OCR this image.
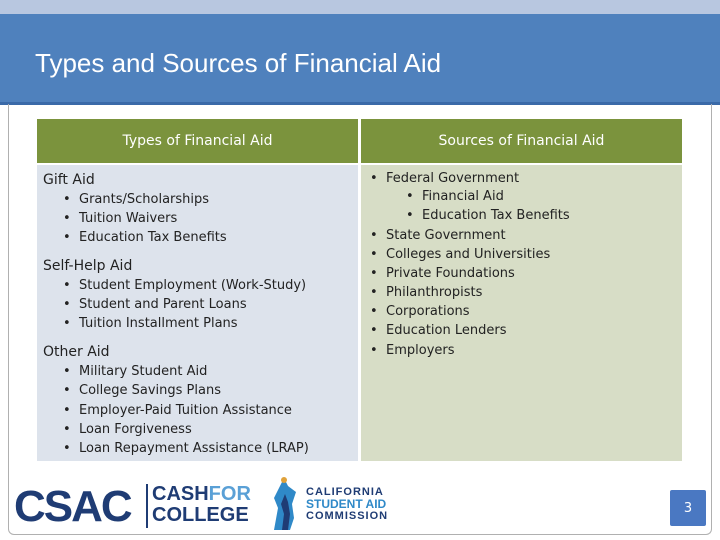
Types and Sources of Financial Aid
Types of Financial Aid	Sources of Financial Aid
Gift Aid
• Grants/Scholarships
• Tuition Waivers
• Education Tax Benefits
Self-Help Aid
• Student Employment (Work-Study)
• Student and Parent Loans
• Tuition Installment Plans
Other Aid
• Military Student Aid
• College Savings Plans
• Employer-Paid Tuition Assistance
• Loan Forgiveness
• Loan Repayment Assistance (LRAP)
• Federal Government
• Financial Aid
• Education Tax Benefits
• State Government
• Colleges and Universities
• Private Foundations
• Philanthropists
• Corporations
• Education Lenders
• Employers
CSAC CASHFOR
COLLEGE
CALIFORNIA
STUDENT AID
COMMISSION
3
